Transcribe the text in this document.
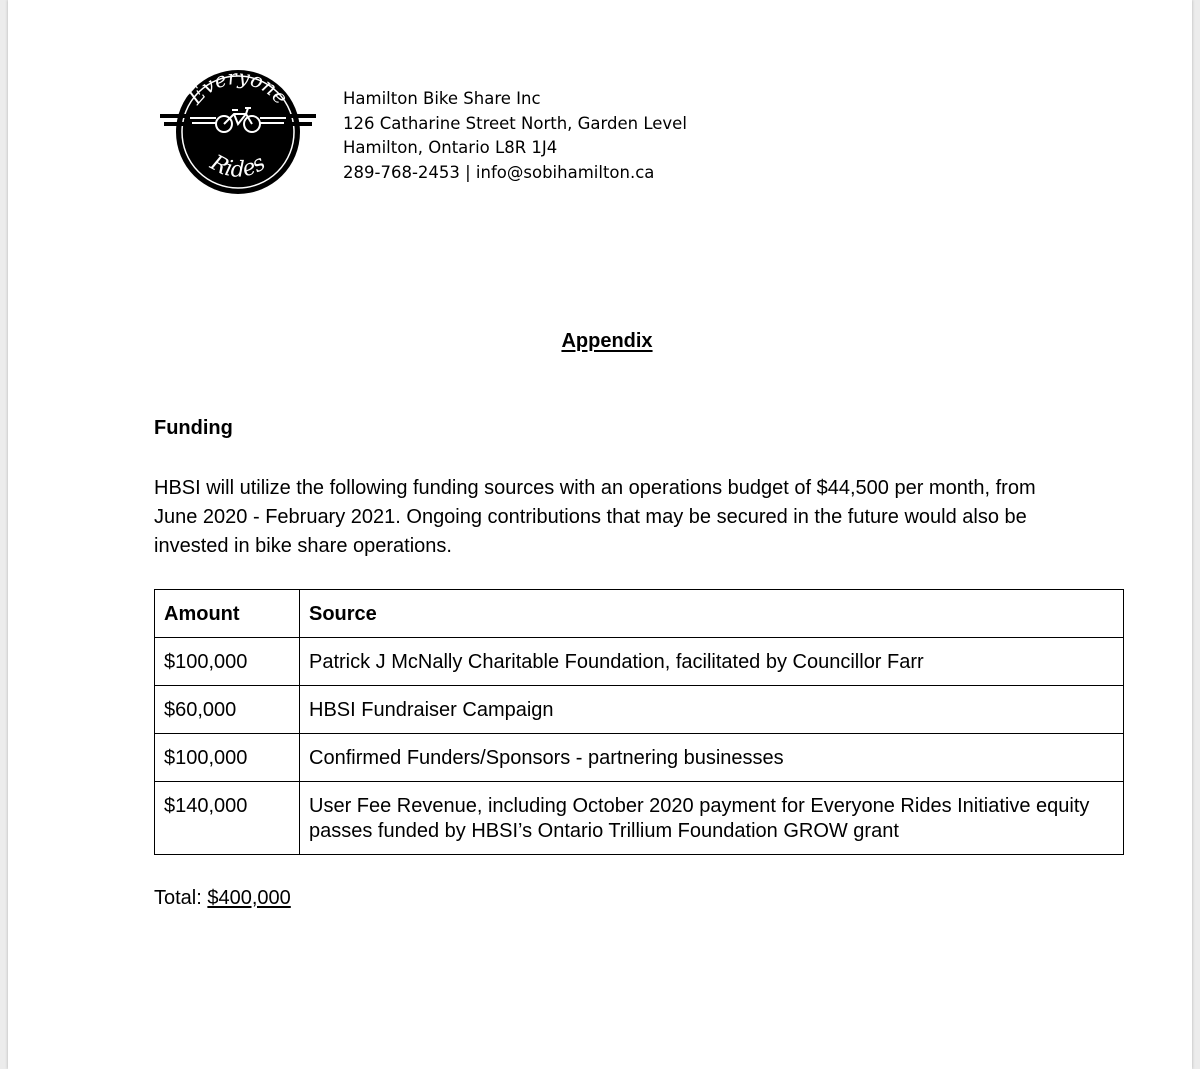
Everyone
Rides
Hamilton Bike Share Inc
126 Catharine Street North, Garden Level
Hamilton, Ontario L8R 1J4
289-768-2453 | info@sobihamilton.ca
Appendix
Funding
HBSI will utilize the following funding sources with an operations budget of $44,500 per month, from June 2020 - February 2021. Ongoing contributions that may be secured in the future would also be invested in bike share operations.
Amount	Source
$100,000	Patrick J McNally Charitable Foundation, facilitated by Councillor Farr
$60,000	HBSI Fundraiser Campaign
$100,000	Confirmed Funders/Sponsors - partnering businesses
$140,000	User Fee Revenue, including October 2020 payment for Everyone Rides Initiative equity passes funded by HBSI’s Ontario Trillium Foundation GROW grant
Total: $400,000
